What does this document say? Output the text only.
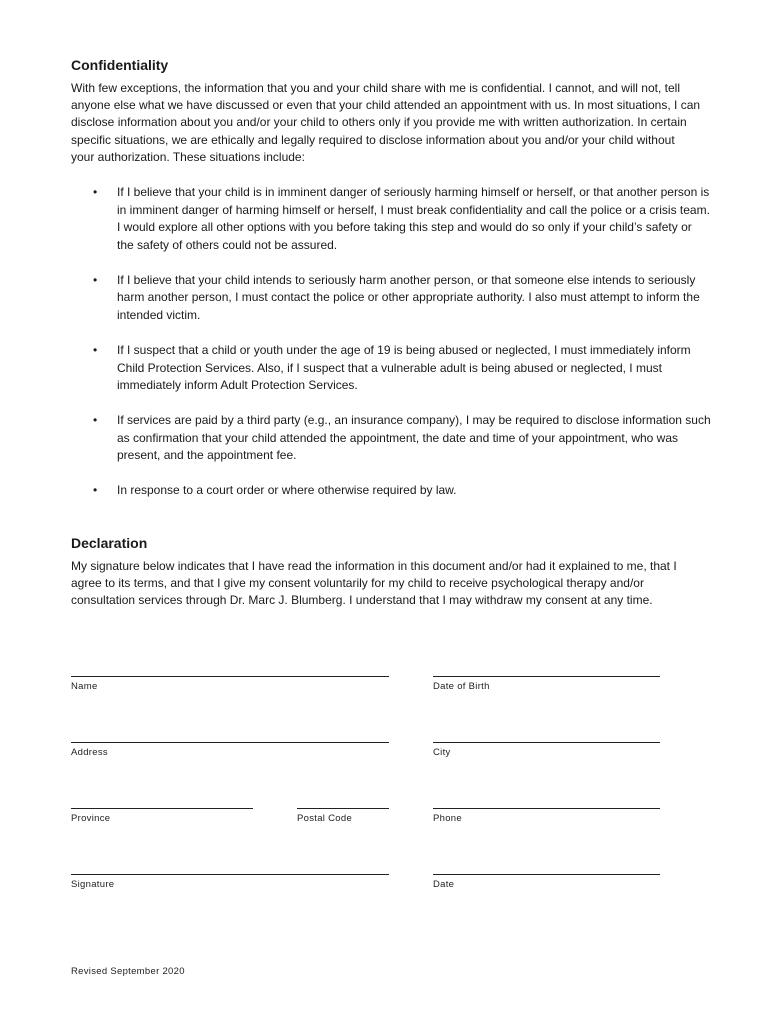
Confidentiality

With few exceptions, the information that you and your child share with me is confidential. I cannot, and will not, tell anyone else what we have discussed or even that your child attended an appointment with us. In most situations, I can disclose information about you and/or your child to others only if you provide me with written authorization. In certain specific situations, we are ethically and legally required to disclose information about you and/or your child without your authorization. These situations include:

• If I believe that your child is in imminent danger of seriously harming himself or herself, or that another person is in imminent danger of harming himself or herself, I must break confidentiality and call the police or a crisis team. I would explore all other options with you before taking this step and would do so only if your child’s safety or the safety of others could not be assured.
• If I believe that your child intends to seriously harm another person, or that someone else intends to seriously harm another person, I must contact the police or other appropriate authority. I also must attempt to inform the intended victim.
• If I suspect that a child or youth under the age of 19 is being abused or neglected, I must immediately inform Child Protection Services. Also, if I suspect that a vulnerable adult is being abused or neglected, I must immediately inform Adult Protection Services.
• If services are paid by a third party (e.g., an insurance company), I may be required to disclose information such as confirmation that your child attended the appointment, the date and time of your appointment, who was present, and the appointment fee.
• In response to a court order or where otherwise required by law.
Declaration

My signature below indicates that I have read the information in this document and/or had it explained to me, that I agree to its terms, and that I give my consent voluntarily for my child to receive psychological therapy and/or consultation services through Dr. Marc J. Blumberg. I understand that I may withdraw my consent at any time.

Name	Date of Birth
Address	City
Province	Postal Code	Phone
Signature	Date
Revised September 2020
